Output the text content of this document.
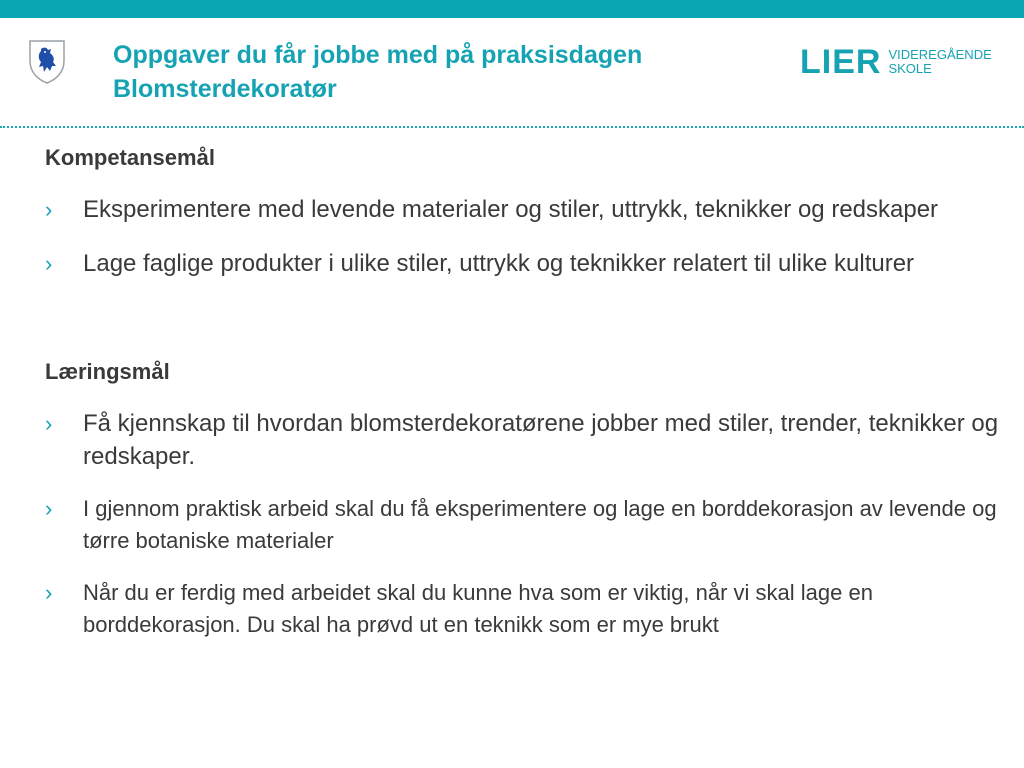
Oppgaver du får jobbe med på praksisdagen
Blomsterdekoratør
LIER VIDEREGÅENDE
SKOLE
Kompetansemål
› Eksperimentere med levende materialer og stiler, uttrykk, teknikker og redskaper
› Lage faglige produkter i ulike stiler, uttrykk og teknikker relatert til ulike kulturer
Læringsmål
› Få kjennskap til hvordan blomsterdekoratørene jobber med stiler, trender, teknikker og redskaper.
› I gjennom praktisk arbeid skal du få eksperimentere og lage en borddekorasjon av levende og tørre botaniske materialer
› Når du er ferdig med arbeidet skal du kunne hva som er viktig, når vi skal lage en borddekorasjon. Du skal ha prøvd ut en teknikk som er mye brukt
